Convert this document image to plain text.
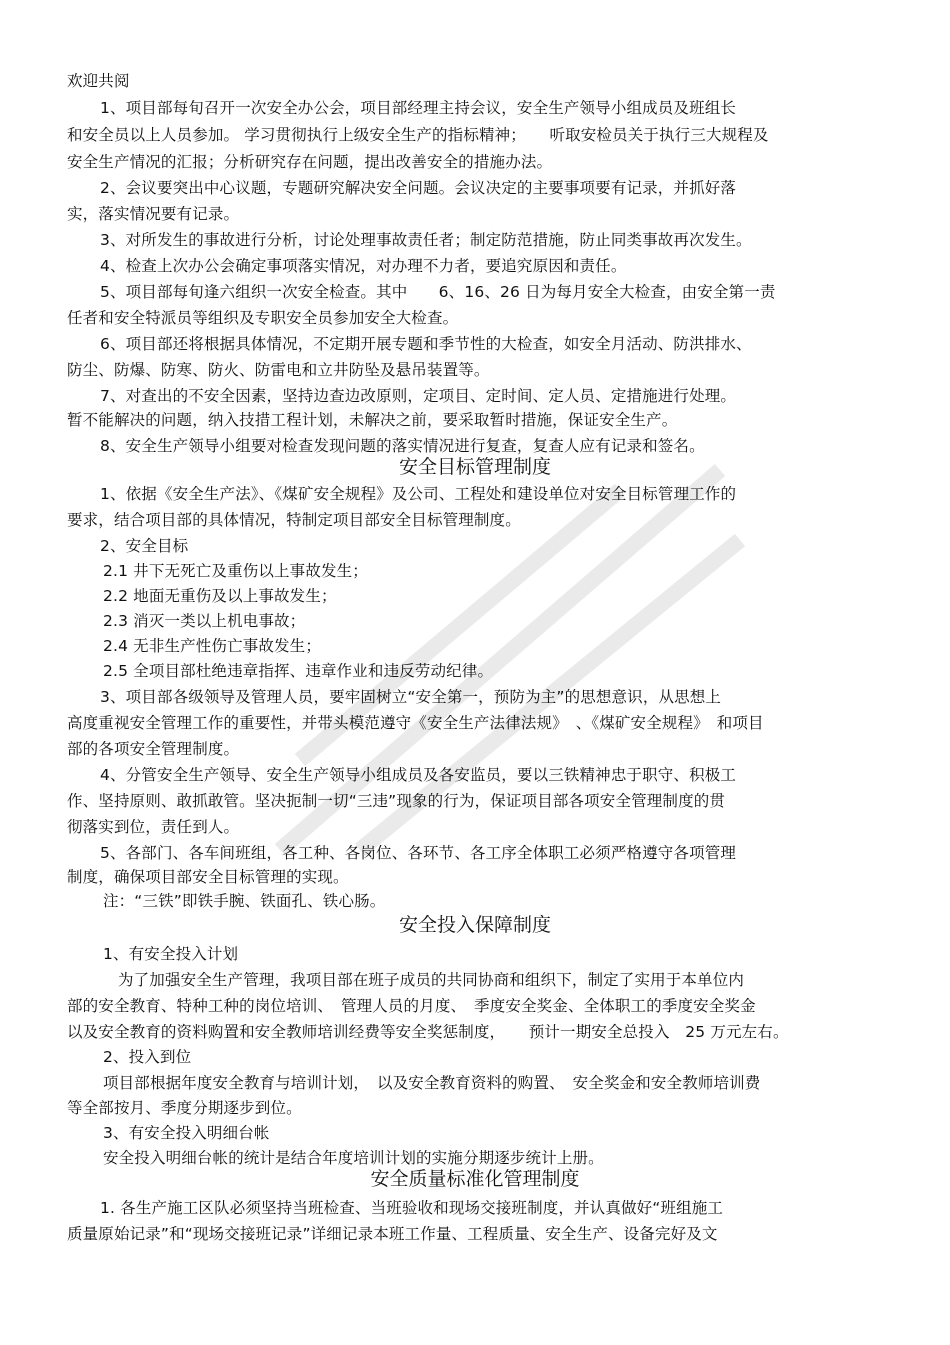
欢迎共阅
1、项目部每旬召开一次安全办公会，项目部经理主持会议，安全生产领导小组成员及班组长
和安全员以上人员参加。 学习贯彻执行上级安全生产的指标精神；　　听取安检员关于执行三大规程及
安全生产情况的汇报；分析研究存在问题，提出改善安全的措施办法。
2、会议要突出中心议题，专题研究解决安全问题。会议决定的主要事项要有记录，并抓好落
实，落实情况要有记录。
3、对所发生的事故进行分析，讨论处理事故责任者；制定防范措施，防止同类事故再次发生。
4、检查上次办公会确定事项落实情况，对办理不力者，要追究原因和责任。
5、项目部每旬逢六组织一次安全检查。其中　　6、16、26 日为每月安全大检查，由安全第一责
任者和安全特派员等组织及专职安全员参加安全大检查。
6、项目部还将根据具体情况，不定期开展专题和季节性的大检查，如安全月活动、防洪排水、
防尘、防爆、防寒、防火、防雷电和立井防坠及悬吊装置等。
7、对查出的不安全因素，坚持边查边改原则，定项目、定时间、定人员、定措施进行处理。
暂不能解决的问题，纳入技措工程计划，未解决之前，要采取暂时措施，保证安全生产。
8、安全生产领导小组要对检查发现问题的落实情况进行复查，复查人应有记录和签名。
安全目标管理制度
1、依据《安全生产法》、《煤矿安全规程》及公司、工程处和建设单位对安全目标管理工作的
要求，结合项目部的具体情况，特制定项目部安全目标管理制度。
2、安全目标
2.1 井下无死亡及重伤以上事故发生；
2.2 地面无重伤及以上事故发生；
2.3 消灭一类以上机电事故；
2.4 无非生产性伤亡事故发生；
2.5 全项目部杜绝违章指挥、违章作业和违反劳动纪律。
3、项目部各级领导及管理人员，要牢固树立“安全第一，预防为主”的思想意识，从思想上
高度重视安全管理工作的重要性，并带头模范遵守《安全生产法律法规》　、《煤矿安全规程》　和项目
部的各项安全管理制度。
4、分管安全生产领导、安全生产领导小组成员及各安监员，要以三铁精神忠于职守、积极工
作、坚持原则、敢抓敢管。坚决扼制一切“三违”现象的行为，保证项目部各项安全管理制度的贯
彻落实到位，责任到人。
5、各部门、各车间班组，各工种、各岗位、各环节、各工序全体职工必须严格遵守各项管理
制度，确保项目部安全目标管理的实现。
注：“三铁”即铁手腕、铁面孔、铁心肠。
安全投入保障制度
1、有安全投入计划
为了加强安全生产管理，我项目部在班子成员的共同协商和组织下，制定了实用于本单位内
部的安全教育、特种工种的岗位培训、　管理人员的月度、　季度安全奖金、全体职工的季度安全奖金
以及安全教育的资料购置和安全教师培训经费等安全奖惩制度，　　预计一期安全总投入　25 万元左右。
2、投入到位
项目部根据年度安全教育与培训计划，　以及安全教育资料的购置、　安全奖金和安全教师培训费
等全部按月、季度分期逐步到位。
3、有安全投入明细台帐
安全投入明细台帐的统计是结合年度培训计划的实施分期逐步统计上册。
安全质量标准化管理制度
1. 各生产施工区队必须坚持当班检查、当班验收和现场交接班制度，并认真做好“班组施工
质量原始记录”和“现场交接班记录”详细记录本班工作量、工程质量、安全生产、设备完好及文
